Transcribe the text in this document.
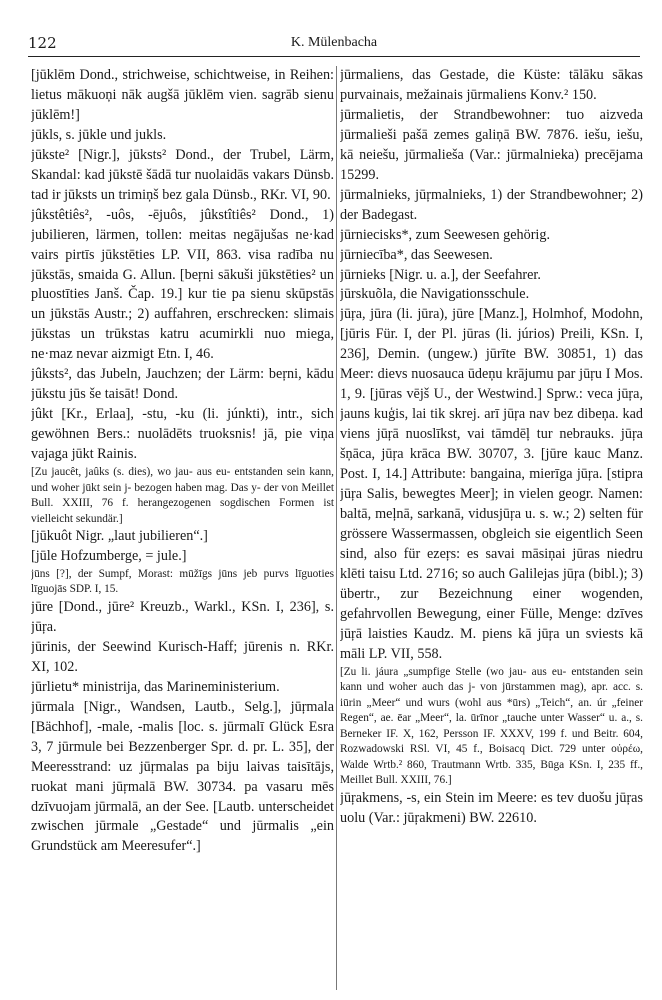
122	K. Mülenbacha
[jūklēm Dond., strichweise, schichtweise, in Reihen: lietus mākuoņi nāk augšā jūklēm vien. sagrāb sienu jūklēm!]
jūkls, s. jūkle und jukls.
jūkste² [Nigr.], jūksts² Dond., der Trubel, Lärm, Skandal: kad jūkstē šādā tur nuolaidās vakars Dünsb. tad ir jūksts un trimiņš bez gala Dünsb., RKr. VI, 90.
jûkstêtiês², -uôs, -ējuôs, jûkstîtiês² Dond., 1) jubilieren, lärmen, tollen: meitas negājušas ne·kad vairs pirtīs jūkstēties LP. VII, 863. visa radība nu jūkstās, smaida G. Allun. [beŗni sākuši jūkstēties² un pluostīties Janš. Čap. 19.] kur tie pa sienu skūpstās un jūkstās Austr.; 2) auffahren, erschrecken: slimais jūkstas un trūkstas katru acumirkli nuo miega, ne·maz nevar aizmigt Etn. I, 46.
jûksts², das Jubeln, Jauchzen; der Lärm: beŗni, kādu jūkstu jūs še taisāt! Dond.
jûkt [Kr., Erlaa], -stu, -ku (li. júnkti), intr., sich gewöhnen Bers.: nuolādēts truoksnis! jā, pie viņa vajaga jūkt Rainis.
[Zu jaucêt, jaûks (s. dies), wo jau- aus eu- entstanden sein kann, und woher jūkt sein j- bezogen haben mag. Das y- der von Meillet Bull. XXIII, 76 f. herangezogenen sogdischen Formen ist vielleicht sekundär.]
[jūkuôt Nigr. „laut jubilieren“.]
[jūle Hofzumberge, = jule.]
jūns [?], der Sumpf, Morast: mūžīgs jūns jeb purvs līguoties līguojās SDP. I, 15.
jūre [Dond., jūre² Kreuzb., Warkl., KSn. I, 236], s. jūŗa.
jūrinis, der Seewind Kurisch-Haff; jūrenis n. RKr. XI, 102.
jūrlietu* ministrija, das Marineministerium.
jūrmala [Nigr., Wandsen, Lautb., Selg.], jūŗmala [Bächhof], -male, -malis [loc. s. jūrmalī Glück Esra 3, 7 jūrmule bei Bezzenberger Spr. d. pr. L. 35], der Meeresstrand: uz jūŗmalas pa biju laivas taisītājs, ruokat mani jūŗmalā BW. 30734. pa vasaru mēs dzīvuojam jūrmalā, an der See. [Lautb. unterscheidet zwischen jūrmale „Gestade“ und jūrmalis „ein Grundstück am Meeresufer“.]
jūrmaliens, das Gestade, die Küste: tālāku sākas purvainais, mežainais jūrmaliens Konv.² 150.
jūrmalietis, der Strandbewohner: tuo aizveda jūrmalieši pašā zemes galiņā BW. 7876. iešu, iešu, kā neiešu, jūrmalieša (Var.: jūrmalnieka) precējama 15299.
jūrmalnieks, jūŗmalnieks, 1) der Strandbewohner; 2) der Badegast.
jūrniecisks*, zum Seewesen gehörig.
jūrniecība*, das Seewesen.
jūrnieks [Nigr. u. a.], der Seefahrer.
jūrskuõla, die Navigationsschule.
jūŗa, jūra (li. jūra), jūre [Manz.], Holmhof, Modohn, [jūris Für. I, der Pl. jūras (li. júrios) Preili, KSn. I, 236], Demin. (ungew.) jūrīte BW. 30851, 1) das Meer: dievs nuosauca ūdeņu krājumu par jūŗu I Mos. 1, 9. [jūras vējš U., der Westwind.] Sprw.: veca jūŗa, jauns kuģis, lai tik skrej. arī jūŗa nav bez dibeņa. kad viens jūŗā nuoslīkst, vai tāmdēļ tur nebrauks. jūŗa šņāca, jūŗa krāca BW. 30707, 3. [jūre kauc Manz. Post. I, 14.] Attribute: bangaina, mierīga jūŗa. [stipra jūŗa Salis, bewegtes Meer]; in vielen geogr. Namen: baltā, meļnā, sarkanā, vidusjūŗa u. s. w.; 2) selten für grössere Wassermassen, obgleich sie eigentlich Seen sind, also für ezeŗs: es savai māsiņai jūras niedru klēti taisu Ltd. 2716; so auch Galilejas jūŗa (bibl.); 3) übertr., zur Bezeichnung einer wogenden, gefahrvollen Bewegung, einer Fülle, Menge: dzīves jūŗā laisties Kaudz. M. piens kā jūŗa un sviests kā māli LP. VII, 558.
[Zu li. jáura „sumpfige Stelle (wo jau- aus eu- entstanden sein kann und woher auch das j- von jūrstammen mag), apr. acc. s. iūrin „Meer“ und wurs (wohl aus *ūrs) „Teich“, an. úr „feiner Regen“, ae. ēar „Meer“, la. ūrīnor „tauche unter Wasser“ u. a., s. Berneker IF. X, 162, Persson IF. XXXV, 199 f. und Beitr. 604, Rozwadowski RSl. VI, 45 f., Boisacq Dict. 729 unter οὐρέω, Walde Wrtb.² 860, Trautmann Wrtb. 335, Būga KSn. I, 235 ff., Meillet Bull. XXIII, 76.]
jūŗakmens, -s, ein Stein im Meere: es tev duošu jūŗas uolu (Var.: jūŗakmeni) BW. 22610.
